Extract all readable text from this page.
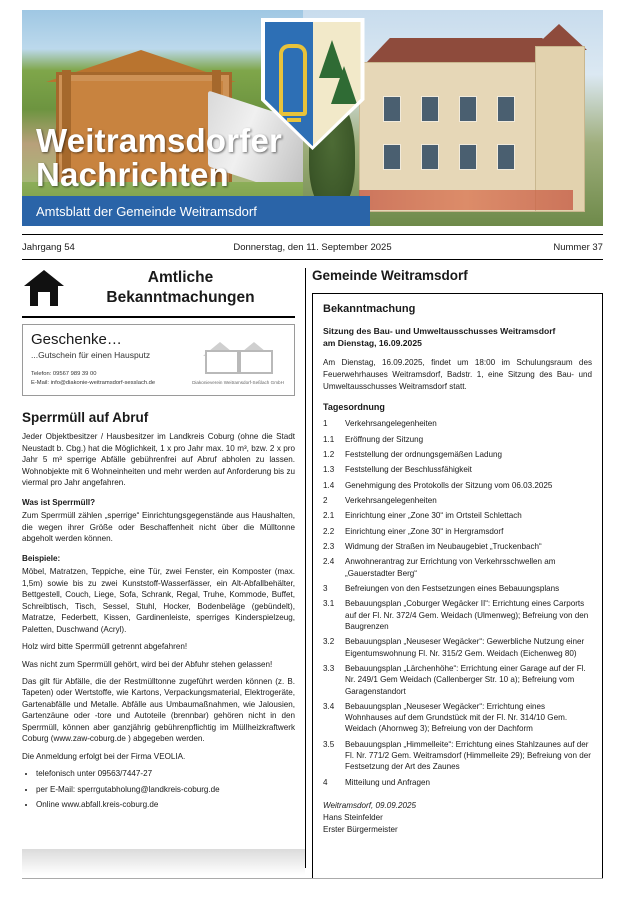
Weitramsdorfer
Nachrichten
Amtsblatt der Gemeinde Weitramsdorf
Jahrgang 54	Donnerstag, den 11. September 2025	Nummer 37
Amtliche
Bekanntmachungen
Geschenke…
...Gutschein für einen Hausputz
Telefon: 09567 989 39 00
E-Mail: info@diakonie-weitramsdorf-sesslach.de	Diakonieverein Weitramsdorf-Seßlach GmbH
Sperrmüll auf Abruf

Jeder Objektbesitzer / Hausbesitzer im Landkreis Coburg (ohne die Stadt Neustadt b. Cbg.) hat die Möglichkeit, 1 x pro Jahr max. 10 m³, bzw. 2 x pro Jahr 5 m³ sperrige Abfälle gebührenfrei auf Abruf abholen zu lassen. Wohnobjekte mit 6 Wohneinheiten und mehr werden auf Anforderung bis zu viermal pro Jahr angefahren.

Was ist Sperrmüll?

Zum Sperrmüll zählen „sperrige“ Einrichtungsgegenstände aus Haushalten, die wegen ihrer Größe oder Beschaffenheit nicht über die Mülltonne abgeholt werden können.

Beispiele:

Möbel, Matratzen, Teppiche, eine Tür, zwei Fenster, ein Komposter (max. 1,5m) sowie bis zu zwei Kunststoff-Wasserfässer, ein Alt-Abfallbehälter, Bettgestell, Couch, Liege, Sofa, Schrank, Regal, Truhe, Kommode, Buffet, Schreibtisch, Tisch, Sessel, Stuhl, Hocker, Bodenbeläge (gebündelt), Matratze, Federbett, Kissen, Gardinenleiste, sperriges Kinderspielzeug, Paletten, Duschwand (Acryl).

Holz wird bitte Sperrmüll getrennt abgefahren!

Was nicht zum Sperrmüll gehört, wird bei der Abfuhr stehen gelassen!

Das gilt für Abfälle, die der Restmülltonne zugeführt werden können (z. B. Tapeten) oder Wertstoffe, wie Kartons, Verpackungsmaterial, Elektrogeräte, Gartenabfälle und Metalle. Abfälle aus Umbaumaßnahmen, wie Jalousien, Gartenzäune oder -tore und Autoteile (brennbar) gehören nicht in den Sperrmüll, können aber ganzjährig gebührenpflichtig im Müllheizkraftwerk Coburg (www.zaw-coburg.de ) abgegeben werden.

Die Anmeldung erfolgt bei der Firma VEOLIA.

• telefonisch unter 09563/7447-27
• per E-Mail: sperrgutabholung@landkreis-coburg.de
• Online www.abfall.kreis-coburg.de
Gemeinde Weitramsdorf
Bekanntmachung
Sitzung des Bau- und Umweltausschusses Weitramsdorf
am Dienstag, 16.09.2025

Am Dienstag, 16.09.2025, findet um 18:00 im Schulungsraum des Feuerwehrhauses Weitramsdorf, Badstr. 1, eine Sitzung des Bau- und Umweltausschusses Weitramsdorf statt.

Tagesordnung
1	Verkehrsangelegenheiten
1.1	Eröffnung der Sitzung
1.2	Feststellung der ordnungsgemäßen Ladung
1.3	Feststellung der Beschlussfähigkeit
1.4	Genehmigung des Protokolls der Sitzung vom 06.03.2025
2	Verkehrsangelegenheiten
2.1	Einrichtung einer „Zone 30“ im Ortsteil Schlettach
2.2	Einrichtung einer „Zone 30“ in Hergramsdorf
2.3	Widmung der Straßen im Neubaugebiet „Truckenbach“
2.4	Anwohnerantrag zur Errichtung von Verkehrsschwellen am „Gauerstadter Berg“
3	Befreiungen von den Festsetzungen eines Bebauungsplans
3.1	Bebauungsplan „Coburger Wegäcker II“: Errichtung eines Carports auf der Fl. Nr. 372/4 Gem. Weidach (Ulmenweg); Befreiung von den Baugrenzen
3.2	Bebauungsplan „Neuseser Wegäcker“: Gewerbliche Nutzung einer Eigentumswohnung Fl. Nr. 315/2 Gem. Weidach (Eichenweg 80)
3.3	Bebauungsplan „Lärchenhöhe“: Errichtung einer Garage auf der Fl. Nr. 249/1 Gem Weidach (Callenberger Str. 10 a); Befreiung vom Garagenstandort
3.4	Bebauungsplan „Neuseser Wegäcker“: Errichtung eines Wohnhauses auf dem Grundstück mit der Fl. Nr. 314/10 Gem. Weidach (Ahornweg 3); Befreiung von der Dachform
3.5	Bebauungsplan „Himmelleite“: Errichtung eines Stahlzaunes auf der Fl. Nr. 771/2 Gem. Weitramsdorf (Himmelleite 29); Befreiung von der Festsetzung der Art des Zaunes
4	Mitteilung und Anfragen
Weitramsdorf, 09.09.2025
Hans Steinfelder
Erster Bürgermeister
